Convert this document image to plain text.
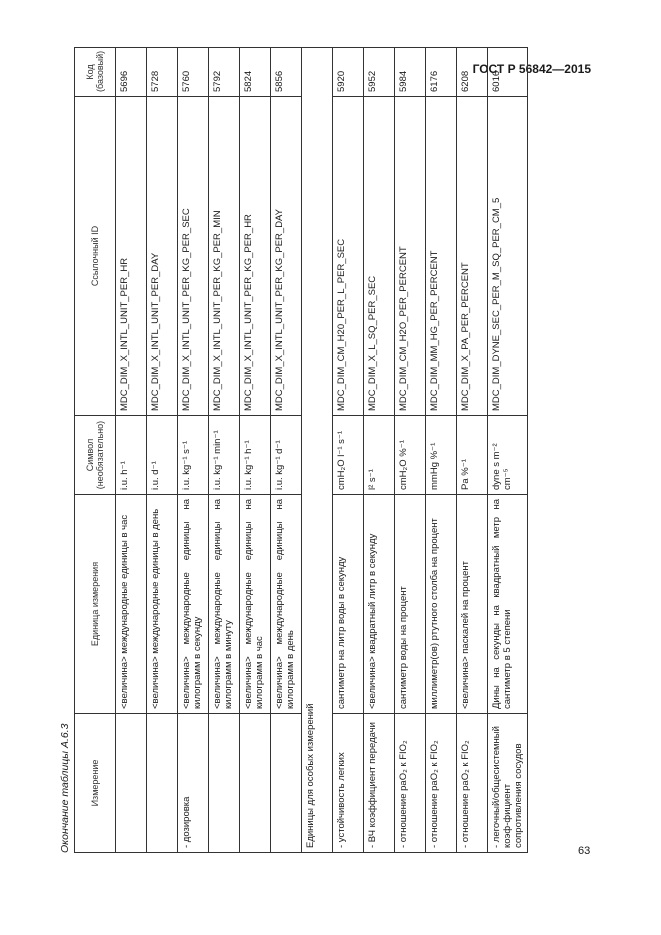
ГОСТ Р 56842—2015
Окончание таблицы А.6.3	Измерение	Единица измерения	Символ (необязательно)	Ссылочный ID	Код (базовый)
	<величина> международные единицы в час	i.u. h⁻¹	MDC_DIM_X_INTL_UNIT_PER_HR	5696
	<величина> международные единицы в день	i.u. d⁻¹	MDC_DIM_X_INTL_UNIT_PER_DAY	5728
- дозировка	<величина> международные единицы на килограмм в секунду	i.u. kg⁻¹ s⁻¹	MDC_DIM_X_INTL_UNIT_PER_KG_PER_SEC	5760
	<величина> международные единицы на килограмм в минуту	i.u. kg⁻¹ min⁻¹	MDC_DIM_X_INTL_UNIT_PER_KG_PER_MIN	5792
	<величина> международные единицы на килограмм в час	i.u. kg⁻¹ h⁻¹	MDC_DIM_X_INTL_UNIT_PER_KG_PER_HR	5824
	<величина> международные единицы на килограмм в день	i.u. kg⁻¹ d⁻¹	MDC_DIM_X_INTL_UNIT_PER_KG_PER_DAY	5856
Единицы для особых измерений				
- устойчивость легких	сантиметр на литр воды в секунду	cmH₂O l⁻¹ s⁻¹	MDC_DIM_CM_H20_PER_L_PER_SEC	5920
- ВЧ коэффициент передачи	<величина> квадратный литр в секунду	l² s⁻¹	MDC_DIM_X_L_SQ_PER_SEC	5952
- отношение paO₂ к FIO₂	сантиметр воды на процент	cmH₂O %⁻¹	MDC_DIM_CM_H2O_PER_PERCENT	5984
- отношение paO₂ к FIO₂	миллиметр(ов) ртутного столба на процент	mmHg %⁻¹	MDC_DIM_MM_HG_PER_PERCENT	6176
- отношение paO₂ к FIO₂	<величина> паскалей на процент	Pa %⁻¹	MDC_DIM_X_PA_PER_PERCENT	6208
- легочный/общесистемный коэф-фициент сопротивления сосудов	Дины на секунды на квадратный метр на сантиметр в 5 степени	dyne s m⁻² cm⁻⁵	MDC_DIM_DYNE_SEC_PER_M_SQ_PER_CM_5	6016
63
